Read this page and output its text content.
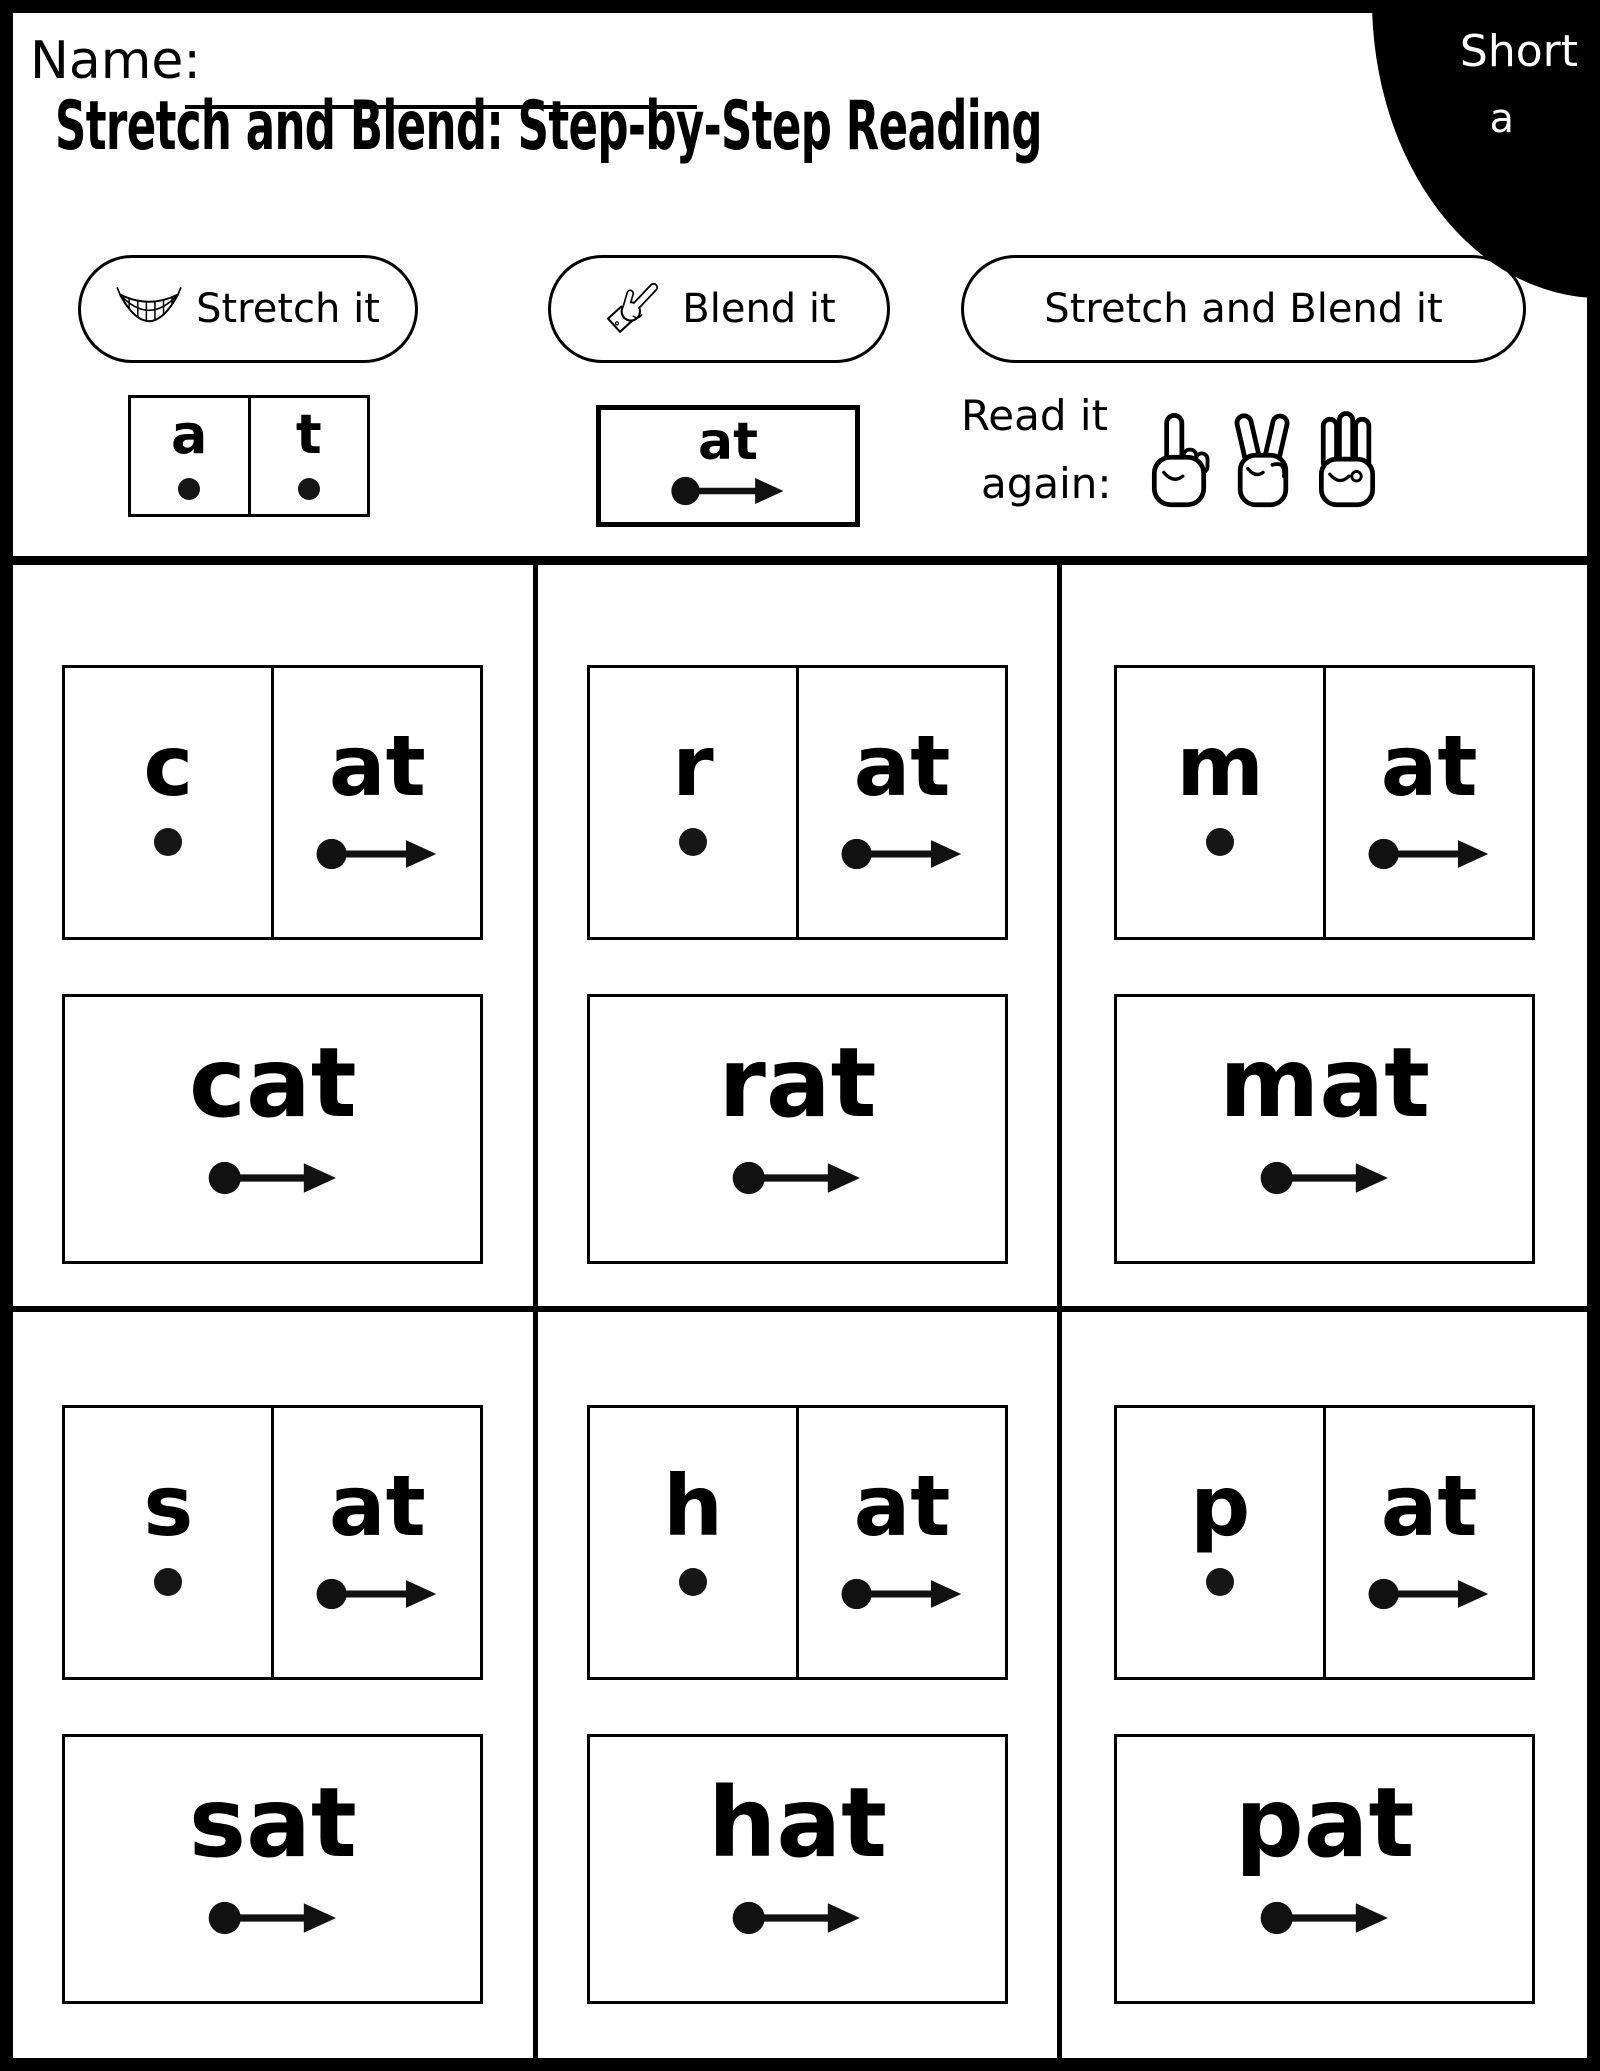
Name:	Short
a
Stretch and Blend: Step-by-Step Reading
Stretch it	Blend it	Stretch and Blend it
a t	at	Read it
again:
c at
cat
r at
rat
m at
mat
s at
sat
h at
hat
p at
pat
